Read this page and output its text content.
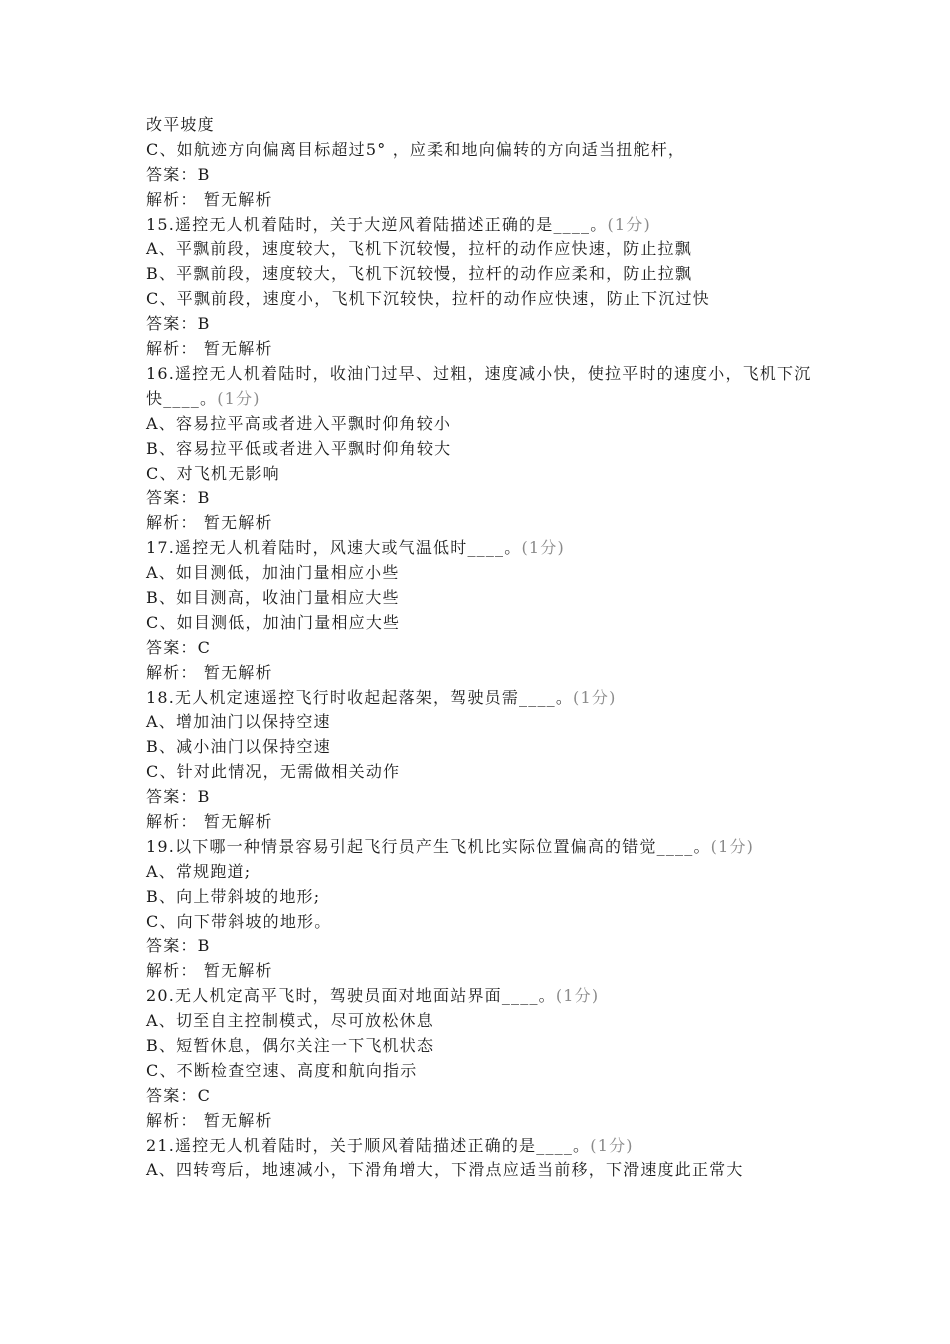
改平坡度
C、如航迹方向偏离目标超过5° ，应柔和地向偏转的方向适当扭舵杆，
答案：B
解析： 暂无解析
15.遥控无人机着陆时，关于大逆风着陆描述正确的是____。(1分)
A、平飘前段，速度较大，飞机下沉较慢，拉杆的动作应快速，防止拉飘
B、平飘前段，速度较大，飞机下沉较慢，拉杆的动作应柔和，防止拉飘
C、平飘前段，速度小，飞机下沉较快，拉杆的动作应快速，防止下沉过快
答案：B
解析： 暂无解析
16.遥控无人机着陆时，收油门过早、过粗，速度减小快，使拉平时的速度小，飞机下沉快____。(1分)
A、容易拉平高或者进入平飘时仰角较小
B、容易拉平低或者进入平飘时仰角较大
C、对飞机无影响
答案：B
解析： 暂无解析
17.遥控无人机着陆时，风速大或气温低时____。(1分)
A、如目测低，加油门量相应小些
B、如目测高，收油门量相应大些
C、如目测低，加油门量相应大些
答案：C
解析： 暂无解析
18.无人机定速遥控飞行时收起起落架，驾驶员需____。(1分)
A、增加油门以保持空速
B、减小油门以保持空速
C、针对此情况，无需做相关动作
答案：B
解析： 暂无解析
19.以下哪一种情景容易引起飞行员产生飞机比实际位置偏高的错觉____。(1分)
A、常规跑道;
B、向上带斜坡的地形;
C、向下带斜坡的地形。
答案：B
解析： 暂无解析
20.无人机定高平飞时，驾驶员面对地面站界面____。(1分)
A、切至自主控制模式，尽可放松休息
B、短暂休息，偶尔关注一下飞机状态
C、不断检查空速、高度和航向指示
答案：C
解析： 暂无解析
21.遥控无人机着陆时，关于顺风着陆描述正确的是____。(1分)
A、四转弯后，地速减小，下滑角增大，下滑点应适当前移，下滑速度此正常大
